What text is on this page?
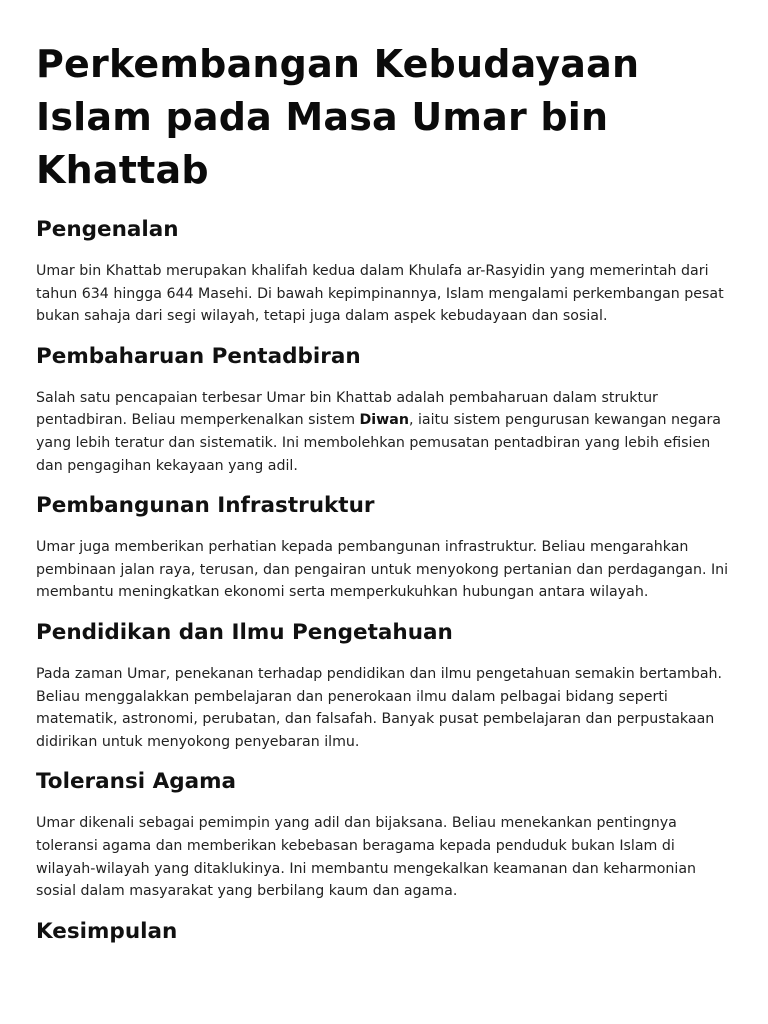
Perkembangan Kebudayaan Islam pada Masa Umar bin Khattab
Pengenalan

Umar bin Khattab merupakan khalifah kedua dalam Khulafa ar-Rasyidin yang memerintah dari tahun 634 hingga 644 Masehi. Di bawah kepimpinannya, Islam mengalami perkembangan pesat bukan sahaja dari segi wilayah, tetapi juga dalam aspek kebudayaan dan sosial.

Pembaharuan Pentadbiran

Salah satu pencapaian terbesar Umar bin Khattab adalah pembaharuan dalam struktur pentadbiran. Beliau memperkenalkan sistem Diwan, iaitu sistem pengurusan kewangan negara yang lebih teratur dan sistematik. Ini membolehkan pemusatan pentadbiran yang lebih efisien dan pengagihan kekayaan yang adil.

Pembangunan Infrastruktur

Umar juga memberikan perhatian kepada pembangunan infrastruktur. Beliau mengarahkan pembinaan jalan raya, terusan, dan pengairan untuk menyokong pertanian dan perdagangan. Ini membantu meningkatkan ekonomi serta memperkukuhkan hubungan antara wilayah.

Pendidikan dan Ilmu Pengetahuan

Pada zaman Umar, penekanan terhadap pendidikan dan ilmu pengetahuan semakin bertambah. Beliau menggalakkan pembelajaran dan penerokaan ilmu dalam pelbagai bidang seperti matematik, astronomi, perubatan, dan falsafah. Banyak pusat pembelajaran dan perpustakaan didirikan untuk menyokong penyebaran ilmu.

Toleransi Agama

Umar dikenali sebagai pemimpin yang adil dan bijaksana. Beliau menekankan pentingnya toleransi agama dan memberikan kebebasan beragama kepada penduduk bukan Islam di wilayah-wilayah yang ditaklukinya. Ini membantu mengekalkan keamanan dan keharmonian sosial dalam masyarakat yang berbilang kaum dan agama.

Kesimpulan
